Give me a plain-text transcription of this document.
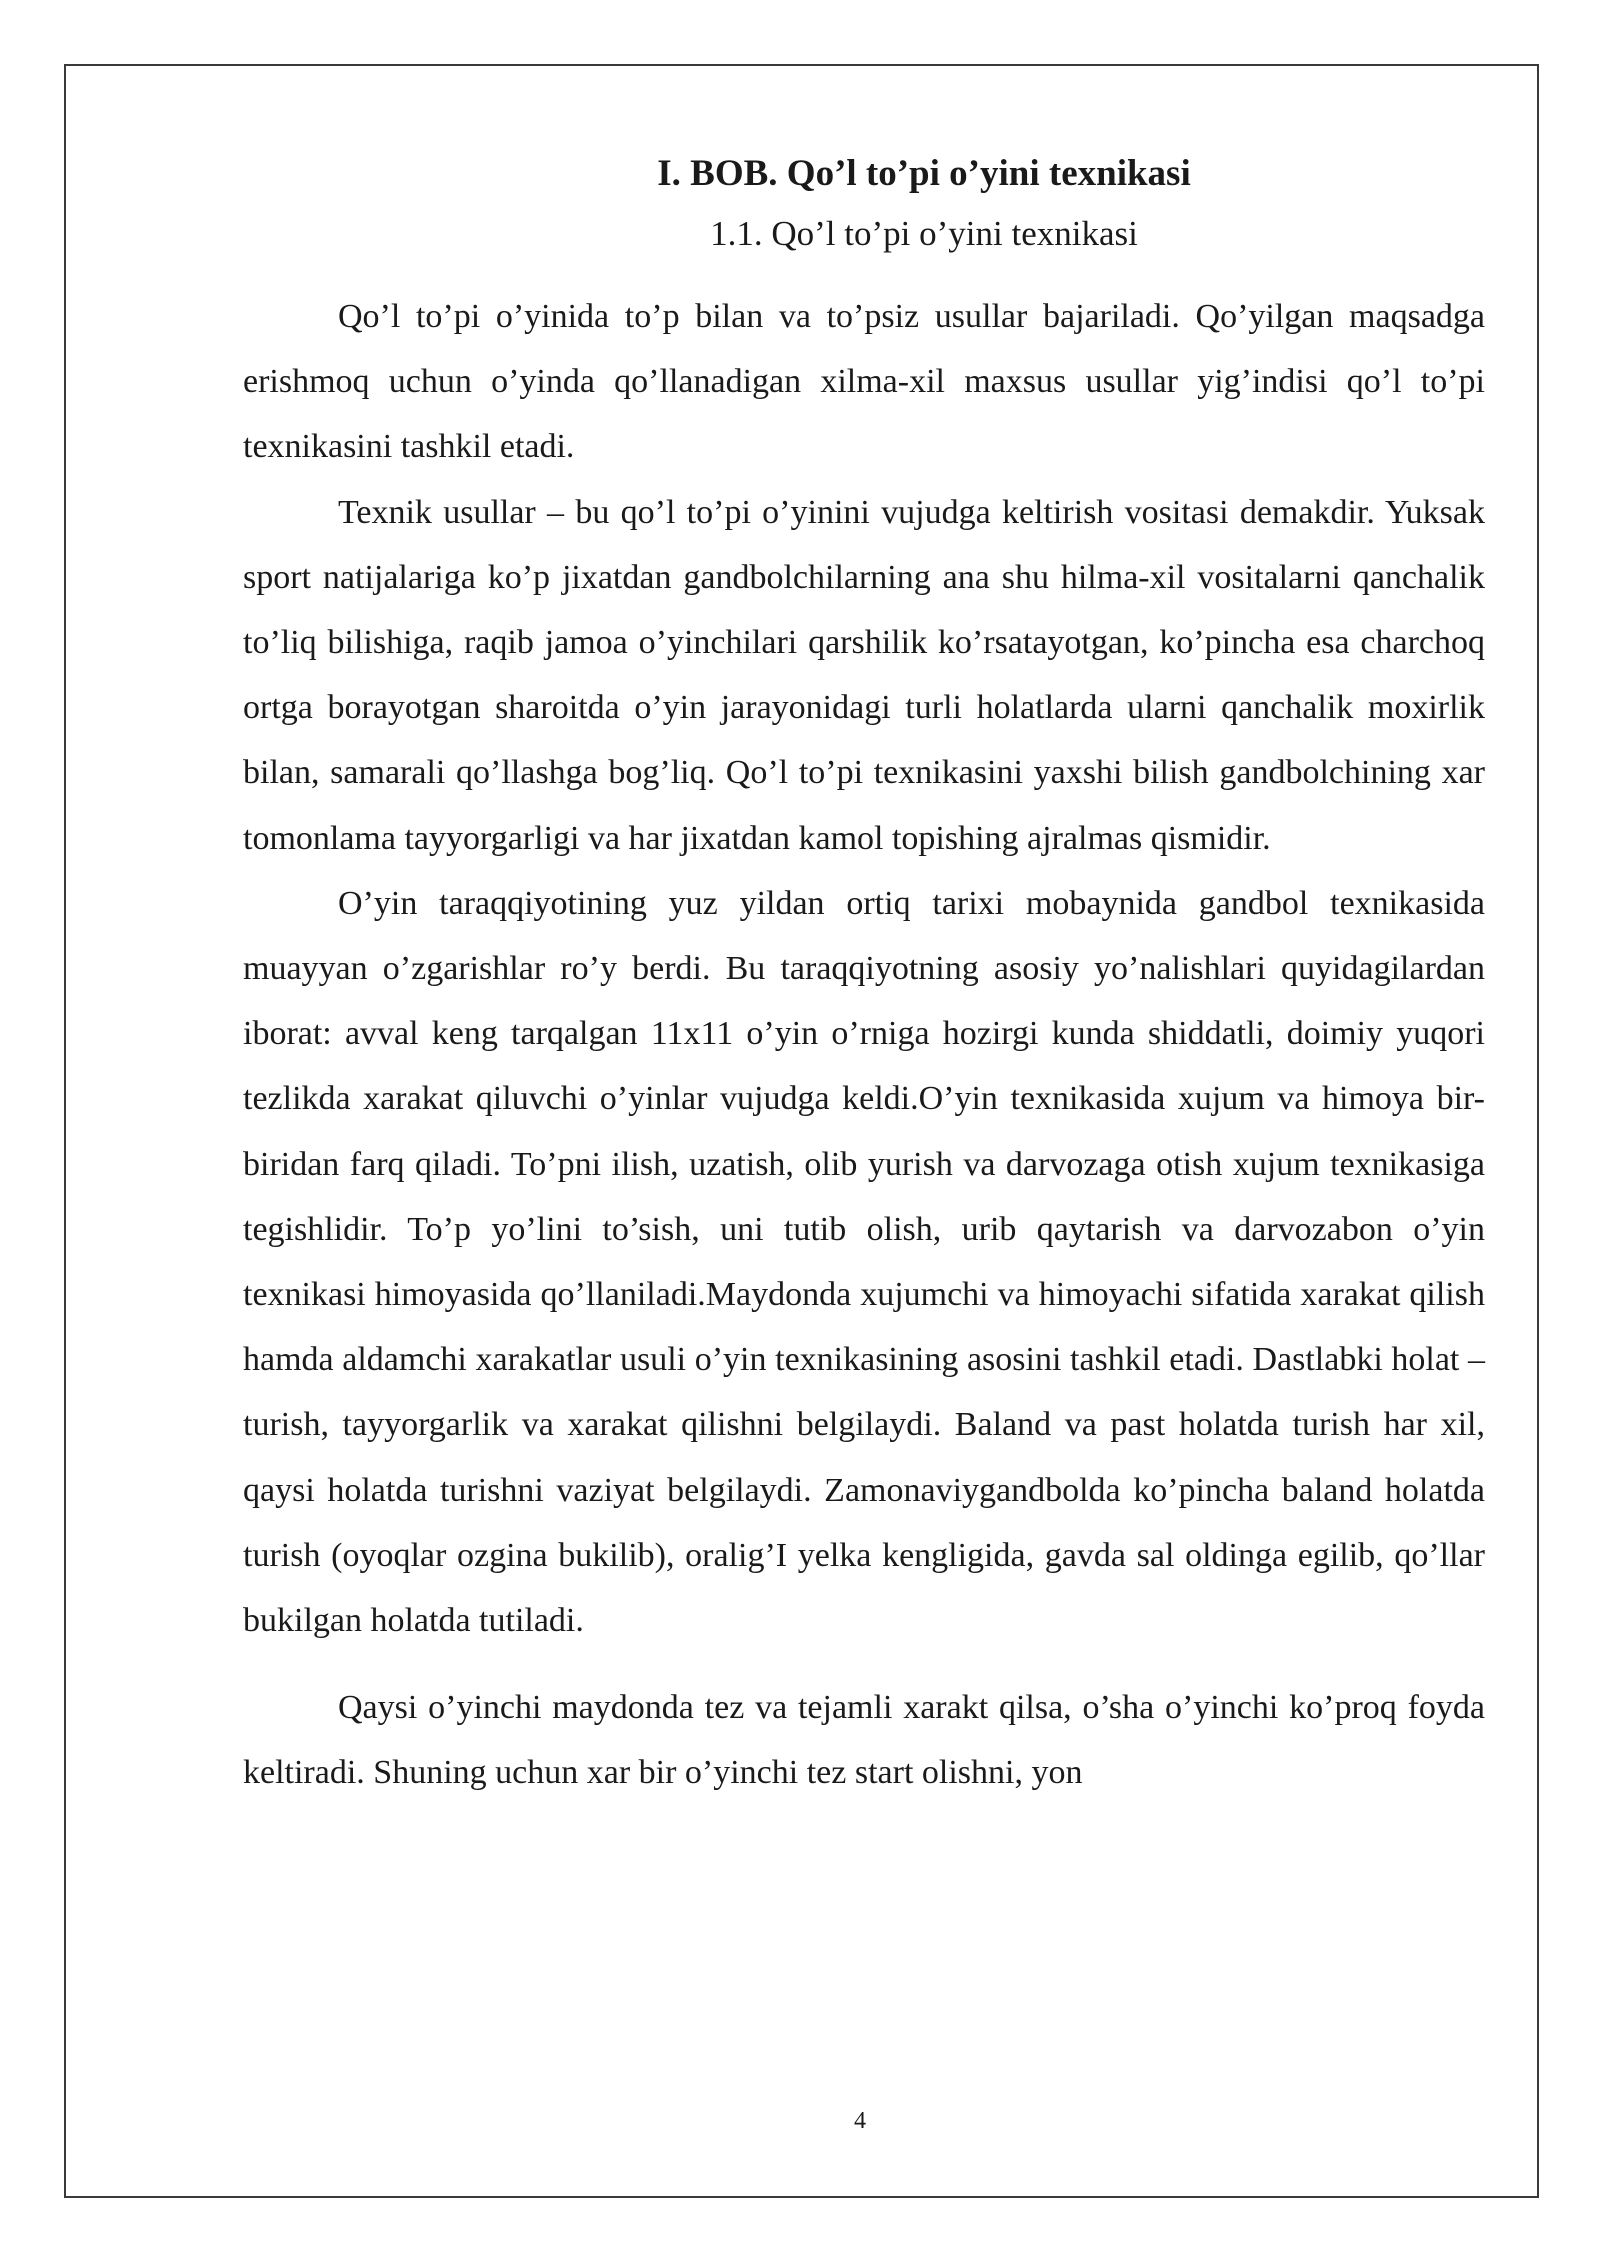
I. BOB. Qo’l to’pi o’yini texnikasi
1.1. Qo’l to’pi o’yini texnikasi

Qo’l to’pi o’yinida to’p bilan va to’psiz usullar bajariladi. Qo’yilgan maqsadga erishmoq uchun o’yinda qo’llanadigan xilma-xil maxsus usullar yig’indisi qo’l to’pi texnikasini tashkil etadi.

Texnik usullar – bu qo’l to’pi o’yinini vujudga keltirish vositasi demakdir. Yuksak sport natijalariga ko’p jixatdan gandbolchilarning ana shu hilma-xil vositalarni qanchalik to’liq bilishiga, raqib jamoa o’yinchilari qarshilik ko’rsatayotgan, ko’pincha esa charchoq ortga borayotgan sharoitda o’yin jarayonidagi turli holatlarda ularni qanchalik moxirlik bilan, samarali qo’llashga bog’liq. Qo’l to’pi texnikasini yaxshi bilish gandbolchining xar tomonlama tayyorgarligi va har jixatdan kamol topishing ajralmas qismidir.

O’yin taraqqiyotining yuz yildan ortiq tarixi mobaynida gandbol texnikasida muayyan o’zgarishlar ro’y berdi. Bu taraqqiyotning asosiy yo’nalishlari quyidagilardan iborat: avval keng tarqalgan 11x11 o’yin o’rniga hozirgi kunda shiddatli, doimiy yuqori tezlikda xarakat qiluvchi o’yinlar vujudga keldi.O’yin texnikasida xujum va himoya bir-biridan farq qiladi. To’pni ilish, uzatish, olib yurish va darvozaga otish xujum texnikasiga tegishlidir. To’p yo’lini to’sish, uni tutib olish, urib qaytarish va darvozabon o’yin texnikasi himoyasida qo’llaniladi.Maydonda xujumchi va himoyachi sifatida xarakat qilish hamda aldamchi xarakatlar usuli o’yin texnikasining asosini tashkil etadi. Dastlabki holat – turish, tayyorgarlik va xarakat qilishni belgilaydi. Baland va past holatda turish har xil, qaysi holatda turishni vaziyat belgilaydi. Zamonaviygandbolda ko’pincha baland holatda turish (oyoqlar ozgina bukilib), oralig’I yelka kengligida, gavda sal oldinga egilib, qo’llar bukilgan holatda tutiladi.

Qaysi o’yinchi maydonda tez va tejamli xarakt qilsa, o’sha o’yinchi ko’proq foyda keltiradi. Shuning uchun xar bir o’yinchi tez start olishni, yon

4
